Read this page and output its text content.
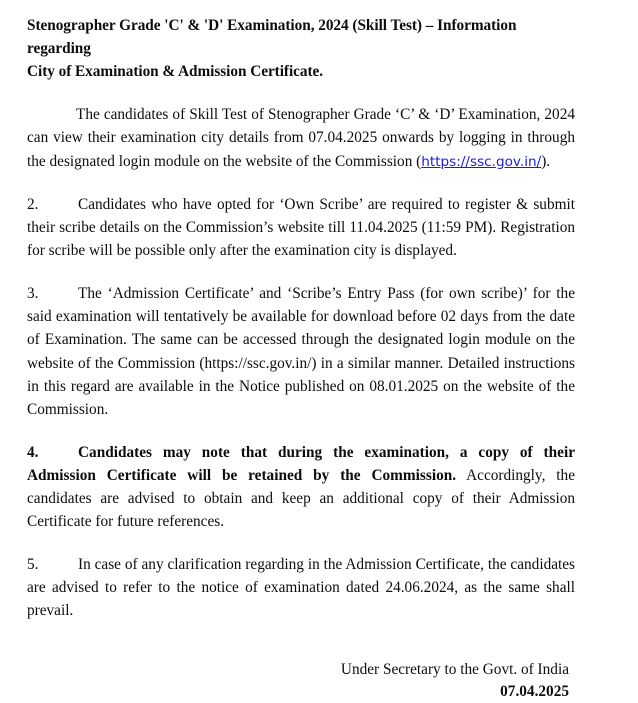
Stenographer Grade 'C' & 'D' Examination, 2024 (Skill Test) – Information regarding
City of Examination & Admission Certificate.

The candidates of Skill Test of Stenographer Grade ‘C’ & ‘D’ Examination, 2024 can view their examination city details from 07.04.2025 onwards by logging in through the designated login module on the website of the Commission (https://ssc.gov.in/).

2.	Candidates who have opted for ‘Own Scribe’ are required to register & submit their scribe details on the Commission’s website till 11.04.2025 (11:59 PM). Registration for scribe will be possible only after the examination city is displayed.

3.	The ‘Admission Certificate’ and ‘Scribe’s Entry Pass (for own scribe)’ for the said examination will tentatively be available for download before 02 days from the date of Examination. The same can be accessed through the designated login module on the website of the Commission (https://ssc.gov.in/) in a similar manner. Detailed instructions in this regard are available in the Notice published on 08.01.2025 on the website of the Commission.

4.	Candidates may note that during the examination, a copy of their Admission Certificate will be retained by the Commission. Accordingly, the candidates are advised to obtain and keep an additional copy of their Admission Certificate for future references.

5.	In case of any clarification regarding in the Admission Certificate, the candidates are advised to refer to the notice of examination dated 24.06.2024, as the same shall prevail.

Under Secretary to the Govt. of India
07.04.2025
